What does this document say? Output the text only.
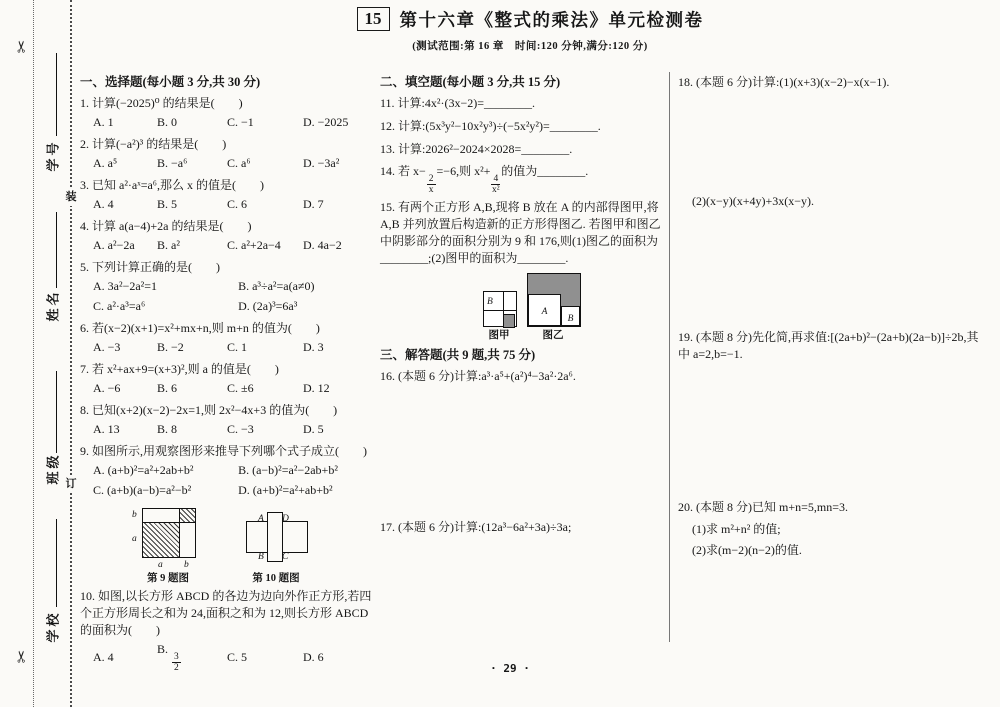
✂
✂
学号
姓名
班级
学校
装
订
15 第十六章《整式的乘法》单元检测卷
(测试范围:第 16 章　时间:120 分钟,满分:120 分)
一、选择题(每小题 3 分,共 30 分)
1. 计算(−2025)⁰ 的结果是(　　)
A. 1	B. 0	C. −1	D. −2025
2. 计算(−a²)³ 的结果是(　　)
A. a⁵	B. −a⁶	C. a⁶	D. −3a²
3. 已知 a²·aˣ=a⁶,那么 x 的值是(　　)
A. 4	B. 5	C. 6	D. 7
4. 计算 a(a−4)+2a 的结果是(　　)
A. a²−2a	B. a²	C. a²+2a−4	D. 4a−2
5. 下列计算正确的是(　　)
A. 3a²−2a²=1	B. a³÷a²=a(a≠0)
C. a²·a³=a⁶	D. (2a)³=6a³
6. 若(x−2)(x+1)=x²+mx+n,则 m+n 的值为(　　)
A. −3	B. −2	C. 1	D. 3
7. 若 x²+ax+9=(x+3)²,则 a 的值是(　　)
A. −6	B. 6	C. ±6	D. 12
8. 已知(x+2)(x−2)−2x=1,则 2x²−4x+3 的值为(　　)
A. 13	B. 8	C. −3	D. 5
9. 如图所示,用观察图形来推导下列哪个式子成立(　　)
A. (a+b)²=a²+2ab+b²	B. (a−b)²=a²−2ab+b²
C. (a+b)(a−b)=a²−b²	D. (a+b)²=a²+ab+b²
b
a
a b
第 9 题图
A D
B C
第 10 题图
10. 如图,以长方形 ABCD 的各边为边向外作正方形,若四个正方形周长之和为 24,面积之和为 12,则长方形 ABCD 的面积为(　　)
A. 4
B.
$\frac{3}{2}$	C. 5	D. 6
二、填空题(每小题 3 分,共 15 分)
11. 计算:4x²·(3x−2)=________.
12. 计算:(5x³y²−10x²y³)÷(−5x²y²)=________.
13. 计算:2026²−2024×2028=________.
14. 若 x−
$\frac{2}{x}$
=−6,则 x²+
$\frac{4}{\text{x²}}$
的值为________.
15. 有两个正方形 A,B,现将 B 放在 A 的内部得图甲,将 A,B 并列放置后构造新的正方形得图乙. 若图甲和图乙中阴影部分的面积分别为 9 和 176,则(1)图乙的面积为________;(2)图甲的面积为________.
B
A
B
图甲	图乙
三、解答题(共 9 题,共 75 分)
16. (本题 6 分)计算:a³·a⁵+(a²)⁴−3a²·2a⁶.
17. (本题 6 分)计算:(12a³−6a²+3a)÷3a;
18. (本题 6 分)计算:(1)(x+3)(x−2)−x(x−1).
(2)(x−y)(x+4y)+3x(x−y).
19. (本题 8 分)先化简,再求值:[(2a+b)²−(2a+b)(2a−b)]÷2b,其中 a=2,b=−1.
20. (本题 8 分)已知 m+n=5,mn=3.
(1)求 m²+n² 的值;
(2)求(m−2)(n−2)的值.
· 29 ·
